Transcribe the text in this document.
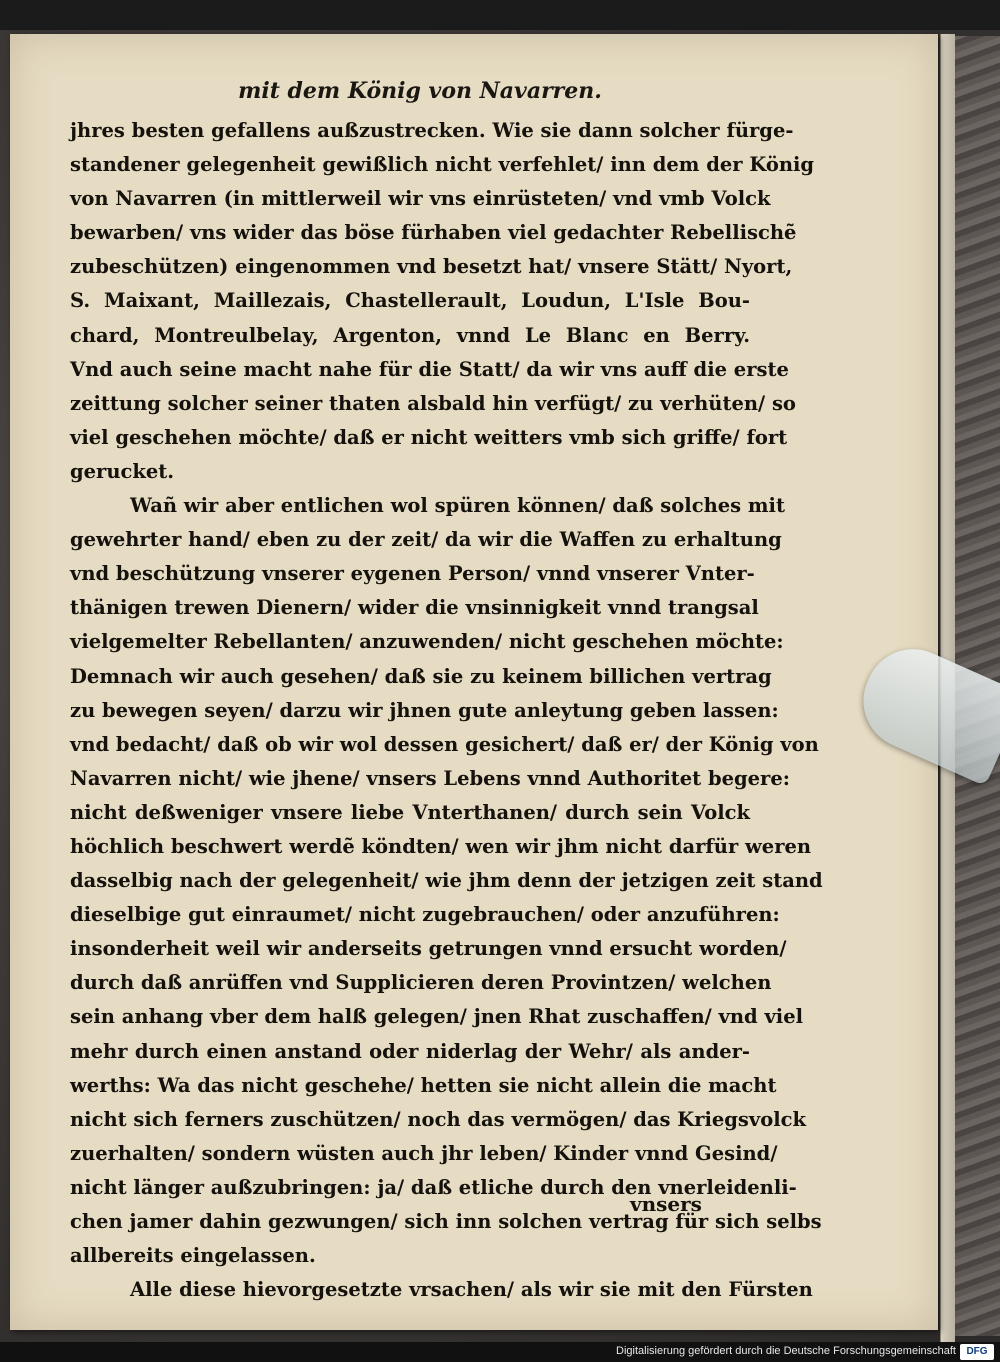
mit dem König von Navarren.
jhres besten gefallens außzustrecken. Wie sie dann solcher fürge-
standener gelegenheit gewißlich nicht verfehlet/ inn dem der König
von Navarren (in mittlerweil wir vns einrüsteten/ vnd vmb Volck
bewarben/ vns wider das böse fürhaben viel gedachter Rebellischẽ
zubeschützen) eingenommen vnd besetzt hat/ vnsere Stätt/ Nyort,
S. Maixant, Maillezais, Chastellerault, Loudun, L'Isle Bou-
chard, Montreulbelay, Argenton, vnnd Le Blanc en Berry.
Vnd auch seine macht nahe für die Statt/ da wir vns auff die erste
zeittung solcher seiner thaten alsbald hin verfügt/ zu verhüten/ so
viel geschehen möchte/ daß er nicht weitters vmb sich griffe/ fort
gerucket.
Wañ wir aber entlichen wol spüren können/ daß solches mit
gewehrter hand/ eben zu der zeit/ da wir die Waffen zu erhaltung
vnd beschützung vnserer eygenen Person/ vnnd vnserer Vnter-
thänigen trewen Dienern/ wider die vnsinnigkeit vnnd trangsal
vielgemelter Rebellanten/ anzuwenden/ nicht geschehen möchte:
Demnach wir auch gesehen/ daß sie zu keinem billichen vertrag
zu bewegen seyen/ darzu wir jhnen gute anleytung geben lassen:
vnd bedacht/ daß ob wir wol dessen gesichert/ daß er/ der König von
Navarren nicht/ wie jhene/ vnsers Lebens vnnd Authoritet begere:
nicht deßweniger vnsere liebe Vnterthanen/ durch sein Volck
höchlich beschwert werdẽ köndten/ wen wir jhm nicht darfür weren
dasselbig nach der gelegenheit/ wie jhm denn der jetzigen zeit stand
dieselbige gut einraumet/ nicht zugebrauchen/ oder anzuführen:
insonderheit weil wir anderseits getrungen vnnd ersucht worden/
durch daß anrüffen vnd Supplicieren deren Provintzen/ welchen
sein anhang vber dem halß gelegen/ jnen Rhat zuschaffen/ vnd viel
mehr durch einen anstand oder niderlag der Wehr/ als ander-
werths: Wa das nicht geschehe/ hetten sie nicht allein die macht
nicht sich ferners zuschützen/ noch das vermögen/ das Kriegsvolck
zuerhalten/ sondern wüsten auch jhr leben/ Kinder vnnd Gesind/
nicht länger außzubringen: ja/ daß etliche durch den vnerleidenli-
chen jamer dahin gezwungen/ sich inn solchen vertrag für sich selbs
allbereits eingelassen.
Alle diese hievorgesetzte vrsachen/ als wir sie mit den Fürsten
vnsers
Digitalisierung gefördert durch die Deutsche Forschungsgemeinschaft	DFG
